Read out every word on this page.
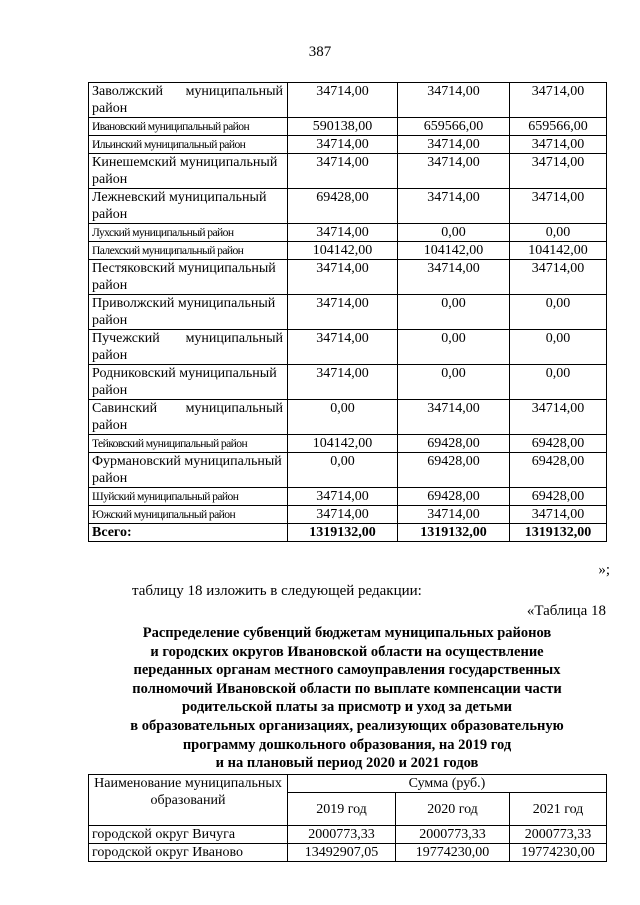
387
Заволжский муниципальный район	34714,00	34714,00	34714,00
Ивановский муниципальный район	590138,00	659566,00	659566,00
Ильинский муниципальный район	34714,00	34714,00	34714,00
Кинешемский муниципальный район	34714,00	34714,00	34714,00
Лежневский муниципальный район	69428,00	34714,00	34714,00
Лухский муниципальный район	34714,00	0,00	0,00
Палехский муниципальный район	104142,00	104142,00	104142,00
Пестяковский муниципальный район	34714,00	34714,00	34714,00
Приволжский муниципальный район	34714,00	0,00	0,00
Пучежский муниципальный район	34714,00	0,00	0,00
Родниковский муниципальный район	34714,00	0,00	0,00
Савинский муниципальный район	0,00	34714,00	34714,00
Тейковский муниципальный район	104142,00	69428,00	69428,00
Фурмановский муниципальный район	0,00	69428,00	69428,00
Шуйский муниципальный район	34714,00	69428,00	69428,00
Южский муниципальный район	34714,00	34714,00	34714,00
Всего:	1319132,00	1319132,00	1319132,00
»;
таблицу 18 изложить в следующей редакции:
«Таблица 18
Распределение субвенций бюджетам муниципальных районов
и городских округов Ивановской области на осуществление
переданных органам местного самоуправления государственных
полномочий Ивановской области по выплате компенсации части
родительской платы за присмотр и уход за детьми
в образовательных организациях, реализующих образовательную
программу дошкольного образования, на 2019 год
и на плановый период 2020 и 2021 годов
Наименование муниципальных образований	Сумма (руб.)		
	2019 год	2020 год	2021 год
городской округ Вичуга	2000773,33	2000773,33	2000773,33
городской округ Иваново	13492907,05	19774230,00	19774230,00
